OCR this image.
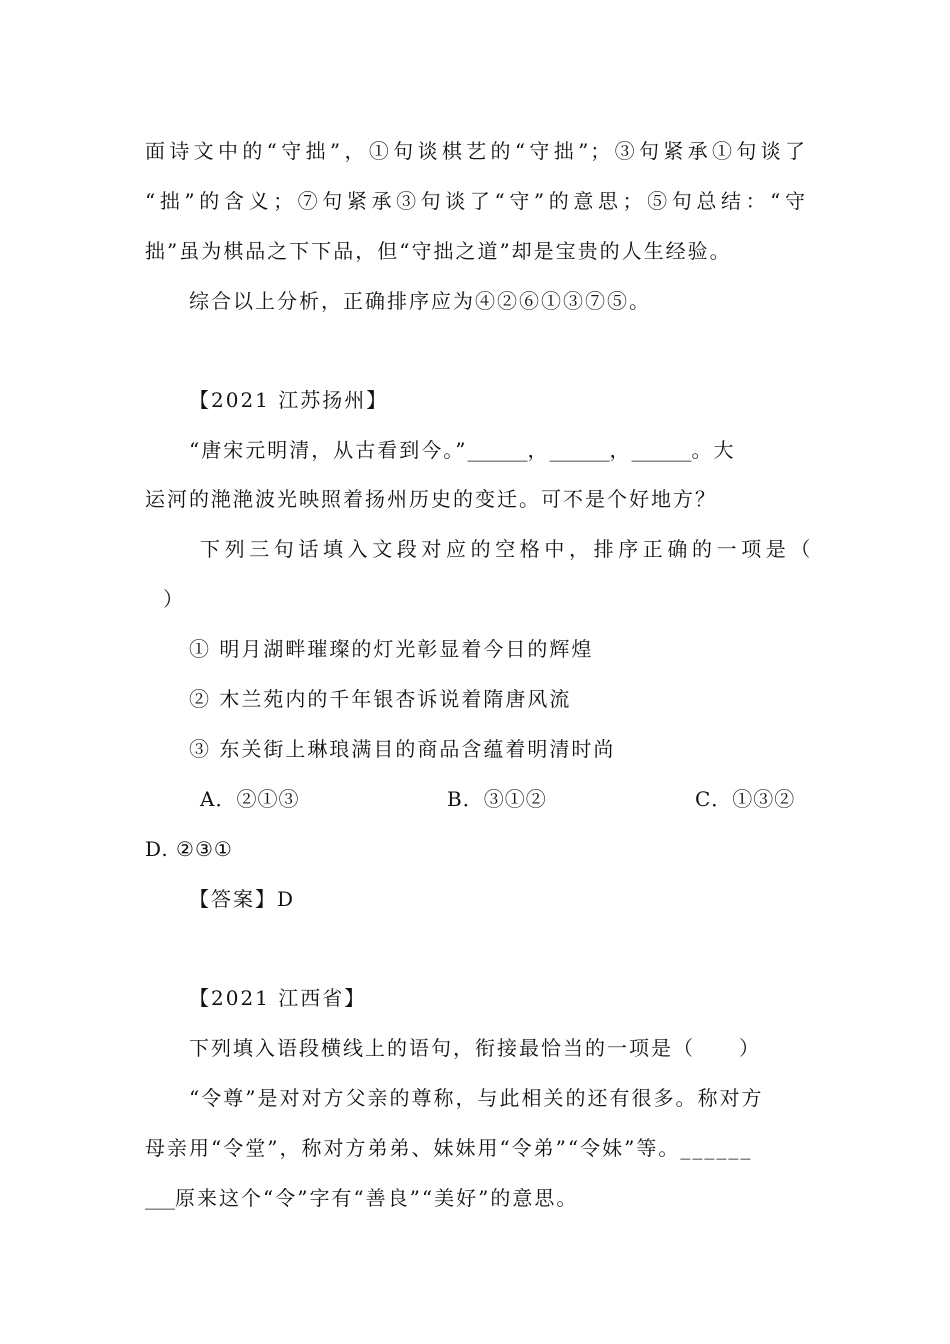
面诗文中的“守拙”，①句谈棋艺的“守拙”；③句紧承①句谈了
“拙”的含义；⑦句紧承③句谈了“守”的意思；⑤句总结：“守
拙”虽为棋品之下下品，但“守拙之道”却是宝贵的人生经验。
综合以上分析，正确排序应为④②⑥①③⑦⑤。
【2021 江苏扬州】
“唐宋元明清，从古看到今。”______，______，______。大
运河的滟滟波光映照着扬州历史的变迁。可不是个好地方？
下列三句话填入文段对应的空格中，排序正确的一项是（
）
① 明月湖畔璀璨的灯光彰显着今日的辉煌
② 木兰苑内的千年银杏诉说着隋唐风流
③ 东关街上琳琅满目的商品含蕴着明清时尚
A．②①③	B．③①②	C．①③②
D. ②③①
【答案】D
【2021 江西省】
下列填入语段横线上的语句，衔接最恰当的一项是（　　）
“令尊”是对对方父亲的尊称，与此相关的还有很多。称对方
母亲用“令堂”，称对方弟弟、妹妹用“令弟”“令妹”等。______
___原来这个“令”字有“善良”“美好”的意思。
